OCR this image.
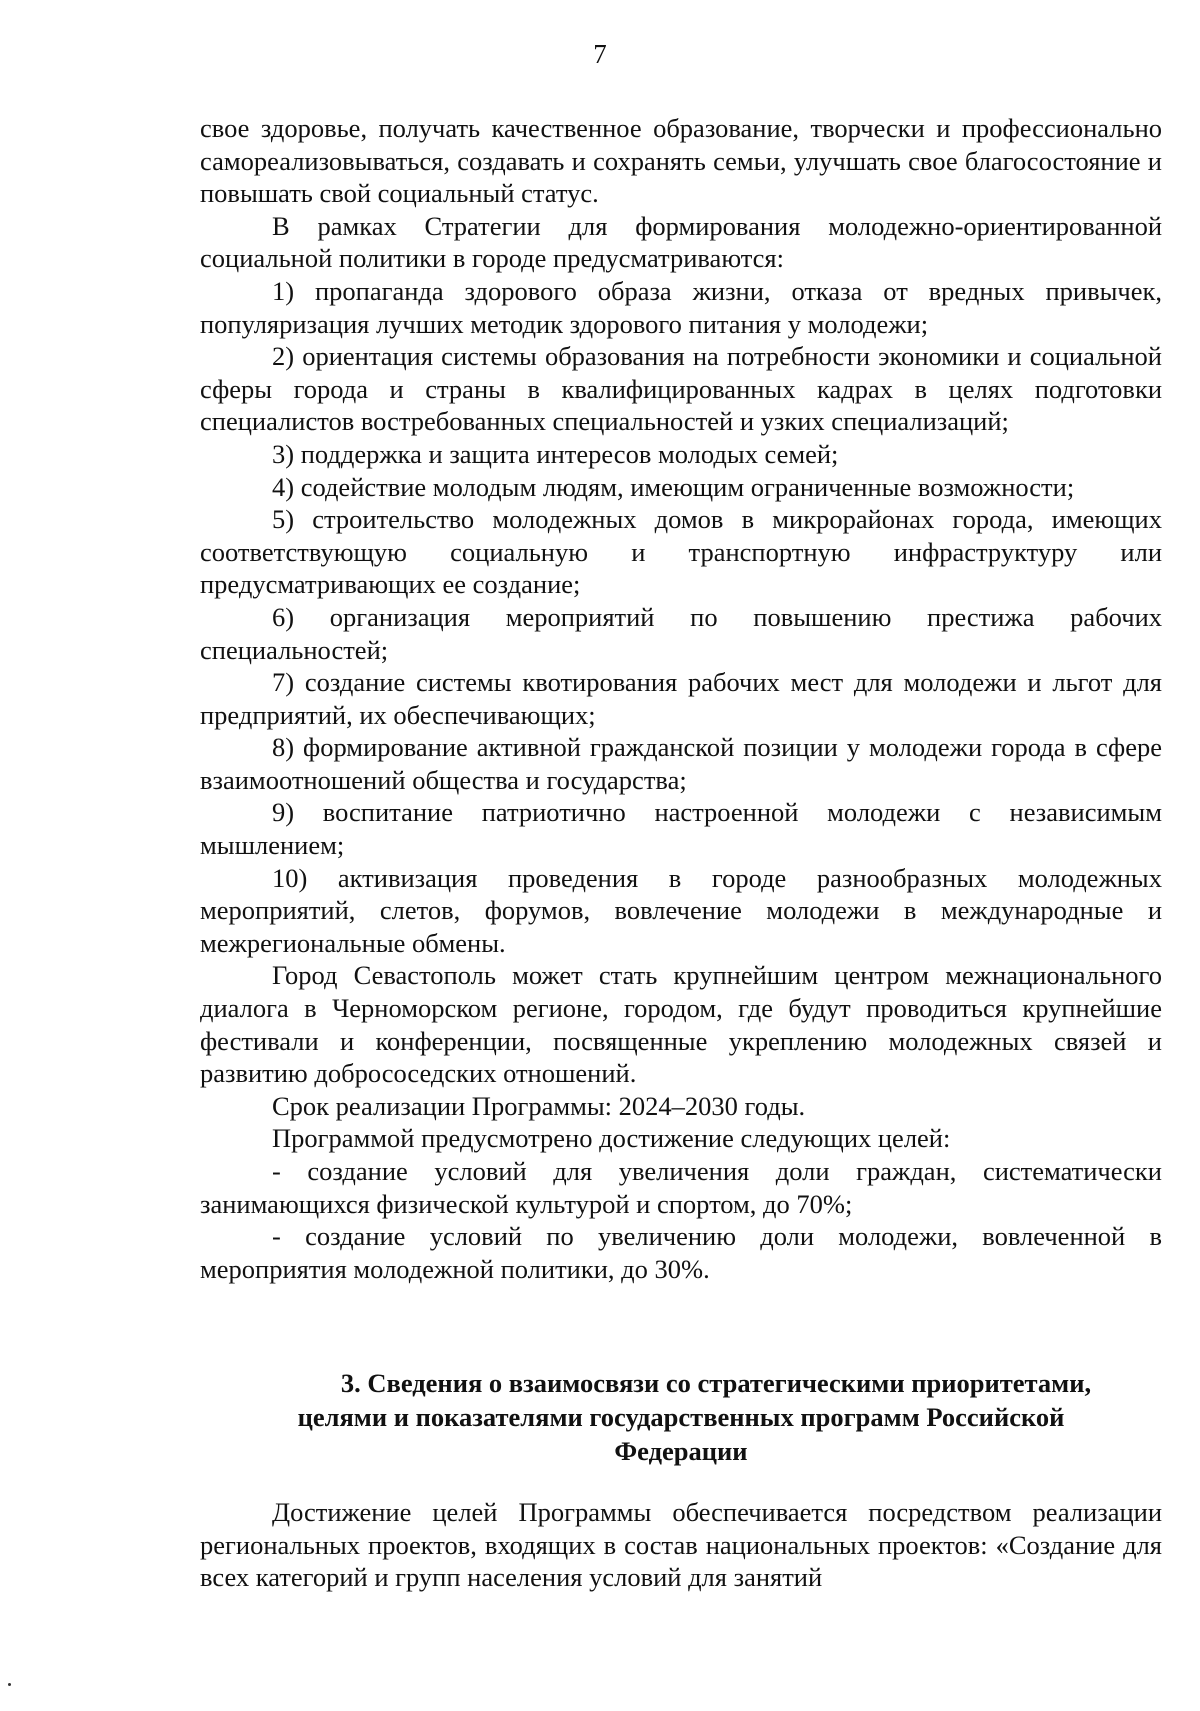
7

свое здоровье, получать качественное образование, творчески и профессионально самореализовываться, создавать и сохранять семьи, улучшать свое благосостояние и повышать свой социальный статус.

В рамках Стратегии для формирования молодежно-ориентированной социальной политики в городе предусматриваются:

1) пропаганда здорового образа жизни, отказа от вредных привычек, популяризация лучших методик здорового питания у молодежи;

2) ориентация системы образования на потребности экономики и социальной сферы города и страны в квалифицированных кадрах в целях подготовки специалистов востребованных специальностей и узких специализаций;

3) поддержка и защита интересов молодых семей;

4) содействие молодым людям, имеющим ограниченные возможности;

5) строительство молодежных домов в микрорайонах города, имеющих соответствующую социальную и транспортную инфраструктуру или предусматривающих ее создание;

6) организация мероприятий по повышению престижа рабочих специальностей;

7) создание системы квотирования рабочих мест для молодежи и льгот для предприятий, их обеспечивающих;

8) формирование активной гражданской позиции у молодежи города в сфере взаимоотношений общества и государства;

9) воспитание патриотично настроенной молодежи с независимым мышлением;

10) активизация проведения в городе разнообразных молодежных мероприятий, слетов, форумов, вовлечение молодежи в международные и межрегиональные обмены.

Город Севастополь может стать крупнейшим центром межнационального диалога в Черноморском регионе, городом, где будут проводиться крупнейшие фестивали и конференции, посвященные укреплению молодежных связей и развитию добрососедских отношений.

Срок реализации Программы: 2024–2030 годы.

Программой предусмотрено достижение следующих целей:

- создание условий для увеличения доли граждан, систематически занимающихся физической культурой и спортом, до 70%;

- создание условий по увеличению доли молодежи, вовлеченной в мероприятия молодежной политики, до 30%.

3. Сведения о взаимосвязи со стратегическими приоритетами,
целями и показателями государственных программ Российской
Федерации

Достижение целей Программы обеспечивается посредством реализации региональных проектов, входящих в состав национальных проектов: «Создание для всех категорий и групп населения условий для занятий
